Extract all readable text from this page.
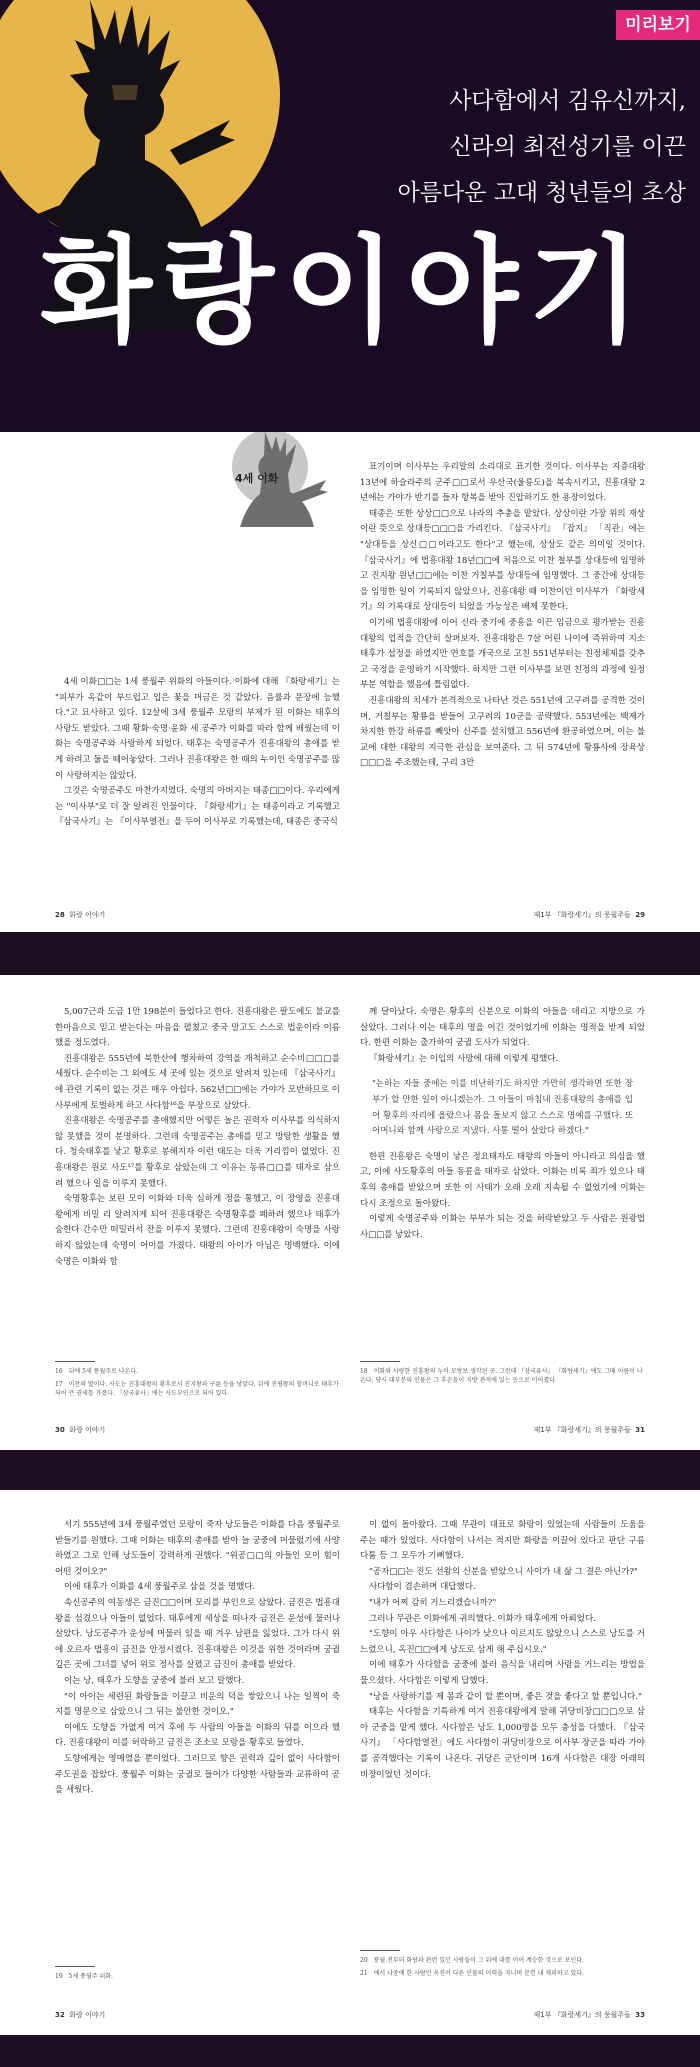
미리보기
사다함에서 김유신까지,
신라의 최전성기를 이끈
아름다운 고대 청년들의 초상
화랑이야기
4세 이화

4세 이화□□는 1세 풍월주 위화의 아들이다. 이화에 대해 『화랑세기』는 "피부가 옥같이 부드럽고 입은 꽃을 머금은 것 같았다. 음률과 문장에 능했다."고 묘사하고 있다. 12살에 3세 풍월주 모랑의 부제가 된 이화는 태후의 사랑도 받았다. 그때 황화·숙명·윤화 세 공주가 이화를 따라 함께 배웠는데 이화는 숙명공주와 사랑하게 되었다. 태후는 숙명공주가 진흥대왕의 총애를 받게 하려고 둘을 떼어놓았다. 그러나 진흥대왕은 한 때의 누이인 숙명공주를 많이 사랑하지는 않았다.

그것은 숙명공주도 마찬가지였다. 숙명의 아버지는 태종□□이다. 우리에게는 "이사부"로 더 잘 알려진 인물이다. 『화랑세기』는 태종이라고 기록했고 『삼국사기』는 『이사부열전』을 두어 이사부로 기록했는데, 태종은 중국식

표기이며 이사부는 우리말의 소리대로 표기한 것이다. 이사부는 지증대왕 13년에 하슬라주의 군주□□로서 우산국(울릉도)을 복속시키고, 진흥대왕 2년에는 가야가 반기를 들자 항복을 받아 진압하기도 한 용장이었다.

태종은 또한 상상□□으로 나라의 추충을 맡았다. 상상이란 가장 위의 재상이란 뜻으로 상대등□□□을 가리킨다. 『삼국사기』 『잡지』 「직관」에는 "상대등을 상신□□이라고도 한다"고 했는데, 상상도 같은 의미일 것이다. 『삼국사기』에 법흥대왕 18년□□에 처음으로 이찬 철부를 상대등에 임명하고 진지왕 원년□□에는 이찬 거칠부를 상대등에 임명했다. 그 중간에 상대등을 임명한 일이 기록되지 않았으나, 진흥대왕 때 이찬이던 이사부가 『화랑세기』의 기록대로 상대등이 되었을 가능성은 배제 못한다.

이기에 법흥대왕에 이어 신라 중기에 중흥을 이끈 임금으로 평가받는 진흥대왕의 업적을 간단히 살펴보자. 진흥대왕은 7살 어린 나이에 즉위하여 지소태후가 섭정을 하였지만 연호를 개국으로 고친 551년부터는 친정체제를 갖추고 국정을 운영하기 시작했다. 하지만 그런 이사부를 보면 친정의 과정에 일정 부분 역할을 했음에 틀림없다.

진흥대왕의 치세가 본격적으로 나타난 것은 551년에 고구려를 공격한 것이며, 거칠부는 황룡을 받들어 고구려의 10군을 공략했다. 553년에는 백제가 차지한 한강 하류를 빼앗아 신주를 설치했고 556년에 환공하였으며, 이는 불교에 대한 대왕의 지극한 관심을 보여준다. 그 뒤 574년에 황룡사에 장육상□□□을 주조했는데, 구리 3만

28 화랑 이야기	제1부 『화랑세기』의 풍월주들 29

5,007근과 도금 1만 198분이 들었다고 한다. 진흥대왕은 팔도에도 불교를 한마음으로 믿고 받는다는 마음을 펼쳤고 중국 말고도 스스로 법운이라 이름했을 정도였다.

진흥대왕은 555년에 북한산에 행차하여 강역을 개척하고 순수비□□□를 세웠다. 순수비는 그 외에도 세 곳에 있는 것으로 알려져 있는데 『삼국사기』에 관련 기록이 없는 것은 매우 아쉽다. 562년□□에는 가야가 모반하므로 이사부에게 토벌하게 하고 사다함¹⁶을 부장으로 삼았다.

진흥대왕은 숙명공주를 총애했지만 어떻든 놀은 권력자 이사부를 의식하지 않 못했을 것이 분명하다. 그런데 숙명공주는 총애를 믿고 방탕한 생활을 했다. 청숙태후를 낳고 황후로 봉해지자 이런 태도는 더욱 거리낌이 없었다. 진흥대왕은 원로 사도¹⁷를 황후로 삼았는데 그 이유는 동류□□를 태자로 삼으려 했으나 일을 이루지 못했다.

숙명황후는 보린 모이 이화와 더욱 심하게 정을 통했고, 이 장영을 진흥대왕에게 비밀 리 알려지게 되어 진흥대왕은 숙명황후를 폐하려 했으나 태후가 숨한다 간수만 떠밀러서 잔을 이루지 못했다. 그런데 진흥대왕이 숙명을 사랑하지 않았는데 숙명이 어이를 가졌다. 태왕의 아이가 아님은 명백했다. 이에 숙명은 이화와 함

16　뒤에 5세 풍월주로 나온다.

17　이찬의 딸이다. 사도는 진흥대왕의 황후로서 진지왕과 구륜 등을 낳았다. 뒤에 진평왕의 할머니로 태후가 되어 큰 권세를 가졌다. 『삼국유사』에는 사도부인으로 되어 있다.

께 달아났다. 숙명은 황후의 신분으로 이화의 아들을 데리고 지방으로 가 살았다. 그러나 이는 태후의 명을 어긴 것이었기에 이화는 명적을 받게 되었다. 한편 이화는 출가하여 궁궐 도사가 되었다.

『화랑세기』는 이입의 사망에 대해 이렇게 평했다.

"논하는 자들 중에는 이를 비난하기도 하지만 가만히 생각하면 또한 장부가 할 만한 일이 아니겠는가. 그 아들이 마침내 진흥대왕의 총애를 입어 황후의 자리에 올랐으나 몸을 돌보지 않고 스스로 명예를 구했다. 또 어머니와 함께 사랑으로 지냈다. 사통 떨어 살았다 하겠다."

한편 진흥왕은 숙명이 낳은 정요태자도 태왕의 아들이 아니라고 의심을 했고, 이에 사도황후의 아들 동륜을 태자로 삼았다. 이화는 비록 죄가 있으나 태후의 총애를 받았으며 또한 이 사태가 오래 오래 지속될 수 없었기에 이화는 다시 조정으로 돌아왔다.

이렇게 숙명공주와 이화는 부부가 되는 것을 허락받았고 두 사람은 원광법사□□를 낳았다.

18　이화와 사랑한 진흥왕의 누이 모랑보 생각된 곳. 그런데 『삼국유사』 『화랑세기』에도 그때 이름이 나온다. 당시 대부분의 인물은 그 후손들이 지방 관직에 있는 등으로 이어졌다.

30 화랑 이야기	제1부 『화랑세기』의 풍월주들 31

서기 555년에 3세 풍월주였던 모랑이 죽자 낭도들은 이화를 다음 풍월주로 받들기를 원했다. 그때 이화는 태후의 총애를 받아 늘 궁중에 머물렀기에 사양하였고 그로 인해 낭도들이 강력하게 권했다. "위공□□의 아들인 모이 힘이 어떤 것이오?"

이에 태후가 이화를 4세 풍월주로 삼을 것을 명했다.

속신공주의 여동생은 금진□□이며 모리를 부인으로 삼았다. 금진은 법흥대왕을 섬겼으나 아들이 없었다. 태후에게 세상을 떠나자 금진은 운성에 물러나 살았다. 낭도공주가 운성에 머물러 있을 때 겨우 남편을 잃었다. 그가 다시 위에 오르자 법흥이 금진을 안정시켰다. 진흥대왕은 이것을 위한 것이라며 궁궐 깊은 곳에 그녀를 넣어 위로 정사를 살폈고 금진이 총애를 받았다.

이는 낭, 태후가 도향을 궁중에 불러 보고 말했다.

"이 아이는 세련된 화랑들을 이끌고 비운의 덕을 쌓았으니 나는 일찍이 죽지를 명문으로 삼았으니 그 뒤는 불안한 것이오."

이에도 도향을 가엾게 여겨 후에 두 사람의 아들을 이화의 뒤를 이으라 했다. 진흥대왕이 이를 허락하고 금진은 조소로 모랑을 황후로 들였다.

도향에게는 영매였을 뿐이었다. 그러므로 향은 권력과 깊이 없이 사다함이 주도권을 잡았다. 풍월주 이화는 궁궐로 들어가 다양한 사람들과 교류하여 공을 세웠다.

19　5세 풍월주 위화.

이 없이 돌아왔다. 그때 무관이 대표로 화랑이 있었는데 사람들이 도움을 주는 때가 있었다. 사다함이 나서는 적지만 화랑을 이끌어 있다고 판단 구름 다툼 등 그 모두가 기뻐했다.

"공자□□는 진도 선왕의 신분을 받았으니 사이가 내 삶 그 결은 아닌가?"

사다함이 겸손하며 대답했다.

"내가 어찌 감히 거느리겠습니까?"

그러나 무관은 이화에게 귀의했다. 이화가 태후에게 아뢰었다.

"도향이 아우 사다함은 나이가 낮으나 이르지도 않았으니 스스로 낭도를 거느렸으니, 옥진□□에게 낭도로 삼게 해 주십시오."

이에 태후가 사다함을 궁중에 불러 음식을 내리며 사람을 거느리는 방법을 물으셨다. 사다함은 이렇게 답했다.

"낭을 사랑하기를 제 몸과 같이 할 뿐이며, 좋은 것을 좋다고 할 뿐입니다."

태후는 사다함을 기특하게 여겨 진흥대왕에게 말해 귀당비장□□□으로 삼아 군중을 맡게 했다. 사다함은 낭도 1,000명을 모두 충성을 다했다. 『삼국사기』 「사다함열전」에도 사다함이 귀당비장으로 이사부 장군을 따라 가야를 공격했다는 기록이 나온다. 귀당은 군단이며 16개 사다함은 대장 아래의 비장이었던 것이다.

20　풍월 전부터 화랑과 관련 있던 사람들이 그 뒤에 대를 이어 계승한 것으로 보인다.

21　에서 나중에 한 사람인 옥진이 다른 인물의 이력을 지니며 문헌 내 제외하고 있다.

32 화랑 이야기	제1부 『화랑세기』의 풍월주들 33
